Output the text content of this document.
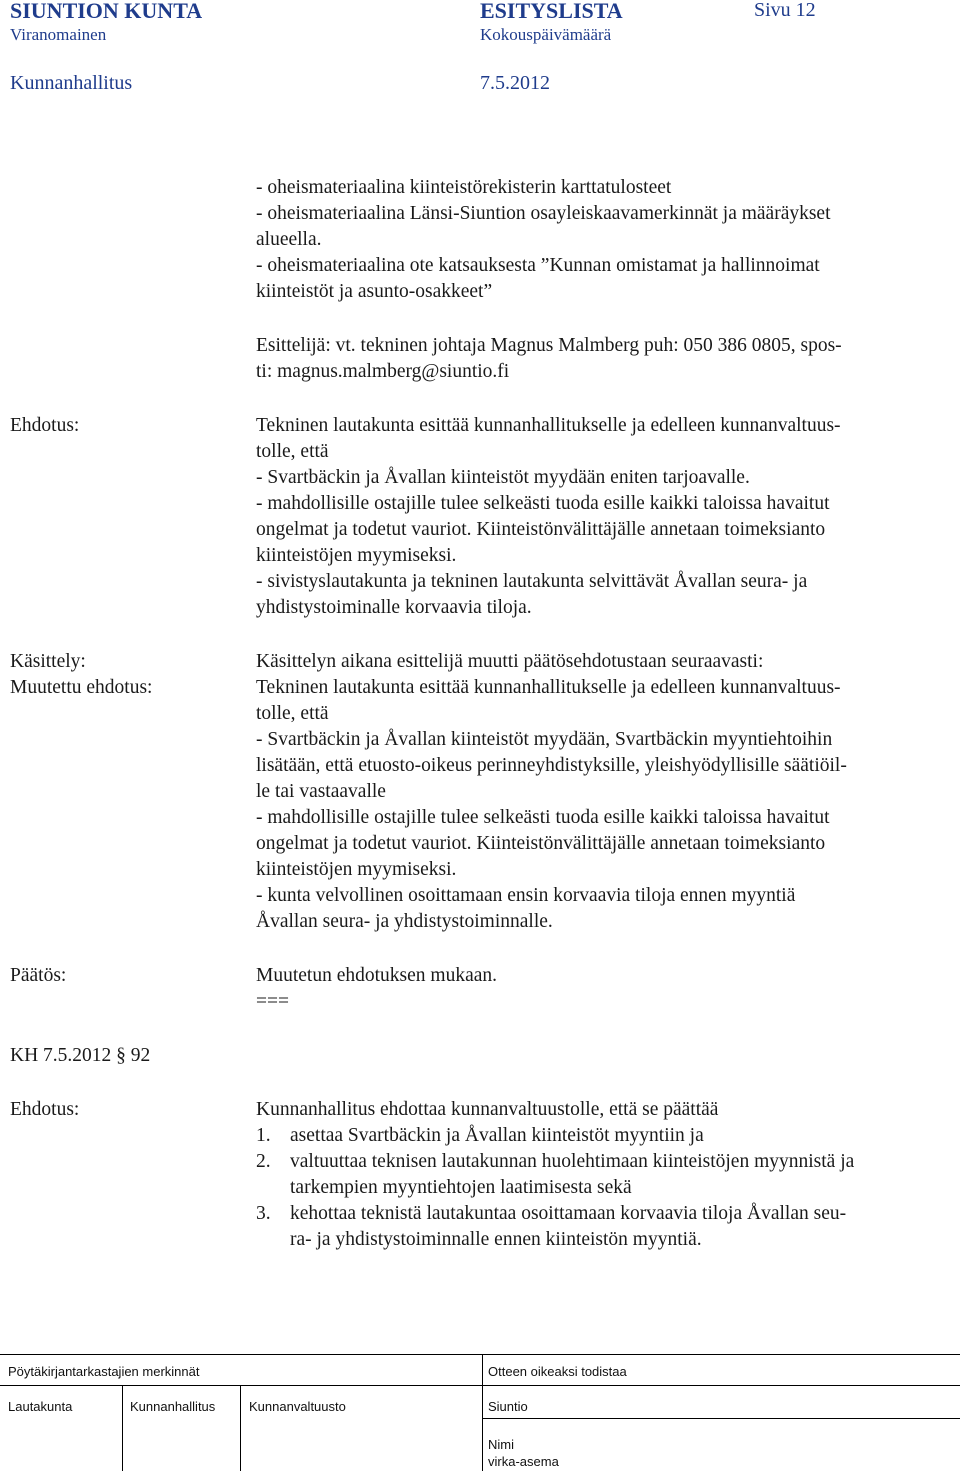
SIUNTION KUNTA	ESITYSLISTA	Sivu 12
Viranomainen	Kokouspäivämäärä
Kunnanhallitus	7.5.2012
- oheismateriaalina kiinteistörekisterin karttatulosteet
- oheismateriaalina Länsi-Siuntion osayleiskaavamerkinnät ja määräykset
alueella.
- oheismateriaalina ote katsauksesta ”Kunnan omistamat ja hallinnoimat
kiinteistöt ja asunto-osakkeet”
Esittelijä: vt. tekninen johtaja Magnus Malmberg puh: 050 386 0805, spos-
ti: magnus.malmberg@siuntio.fi
Ehdotus:	Tekninen lautakunta esittää kunnanhallitukselle ja edelleen kunnanvaltuus-
tolle, että
- Svartbäckin ja Åvallan kiinteistöt myydään eniten tarjoavalle.
- mahdollisille ostajille tulee selkeästi tuoda esille kaikki taloissa havaitut
ongelmat ja todetut vauriot. Kiinteistönvälittäjälle annetaan toimeksianto
kiinteistöjen myymiseksi.
- sivistyslautakunta ja tekninen lautakunta selvittävät Åvallan seura- ja
yhdistystoiminalle korvaavia tiloja.
Käsittely:
Muutettu ehdotus:
Käsittelyn aikana esittelijä muutti päätösehdotustaan seuraavasti:
Tekninen lautakunta esittää kunnanhallitukselle ja edelleen kunnanvaltuus-
tolle, että
- Svartbäckin ja Åvallan kiinteistöt myydään, Svartbäckin myyntiehtoihin
lisätään, että etuosto-oikeus perinneyhdistyksille, yleishyödyllisille säätiöil-
le tai vastaavalle
- mahdollisille ostajille tulee selkeästi tuoda esille kaikki taloissa havaitut
ongelmat ja todetut vauriot. Kiinteistönvälittäjälle annetaan toimeksianto
kiinteistöjen myymiseksi.
- kunta velvollinen osoittamaan ensin korvaavia tiloja ennen myyntiä
Åvallan seura- ja yhdistystoiminnalle.
Päätös:	Muutetun ehdotuksen mukaan.
===
KH 7.5.2012 § 92
Ehdotus:	Kunnanhallitus ehdottaa kunnanvaltuustolle, että se päättää
1. asettaa Svartbäckin ja Åvallan kiinteistöt myyntiin ja
2. valtuuttaa teknisen lautakunnan huolehtimaan kiinteistöjen myynnistä ja
tarkempien myyntiehtojen laatimisesta sekä
3. kehottaa teknistä lautakuntaa osoittamaan korvaavia tiloja Åvallan seu-
ra- ja yhdistystoiminnalle ennen kiinteistön myyntiä.
Pöytäkirjantarkastajien merkinnät	Otteen oikeaksi todistaa
Lautakunta	Kunnanhallitus	Kunnanvaltuusto	Siuntio
Nimi
virka-asema
